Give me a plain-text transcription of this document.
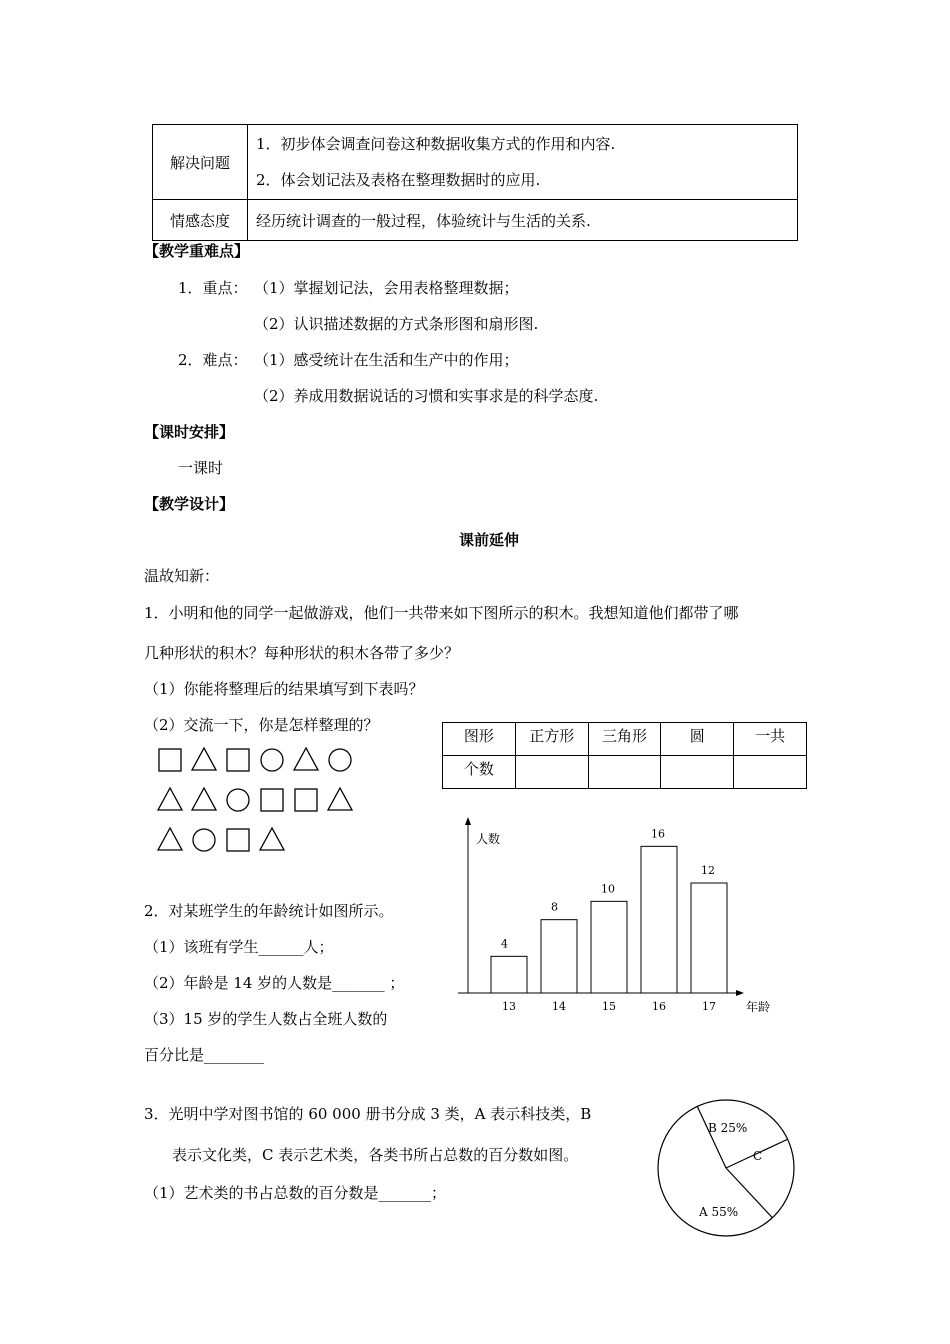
解决问题	1．初步体会调查问卷这种数据收集方式的作用和内容.
2．体会划记法及表格在整理数据时的应用.

情感态度	经历统计调查的一般过程，体验统计与生活的关系.
【教学重难点】
1．重点： （1）掌握划记法，会用表格整理数据；
（2）认识描述数据的方式条形图和扇形图.
2．难点： （1）感受统计在生活和生产中的作用；
（2）养成用数据说话的习惯和实事求是的科学态度.
【课时安排】
一课时
【教学设计】
课前延伸
温故知新：
1．小明和他的同学一起做游戏，他们一共带来如下图所示的积木。我想知道他们都带了哪
几种形状的积木？每种形状的积木各带了多少？
（1）你能将整理后的结果填写到下表吗？
（2）交流一下，你是怎样整理的？
图形	正方形	三角形	圆	一共
个数				
2．对某班学生的年龄统计如图所示。
（1）该班有学生______人；
（2）年龄是 14 岁的人数是_______ ；
（3）15 岁的学生人数占全班人数的
百分比是________
人数
年龄
4
13
8
14
10
15
16
16
12
17
3．光明中学对图书馆的 60 000 册书分成 3 类，A 表示科技类，B
表示文化类，C 表示艺术类，各类书所占总数的百分数如图。
（1）艺术类的书占总数的百分数是_______；
B 25%
C
A 55%
